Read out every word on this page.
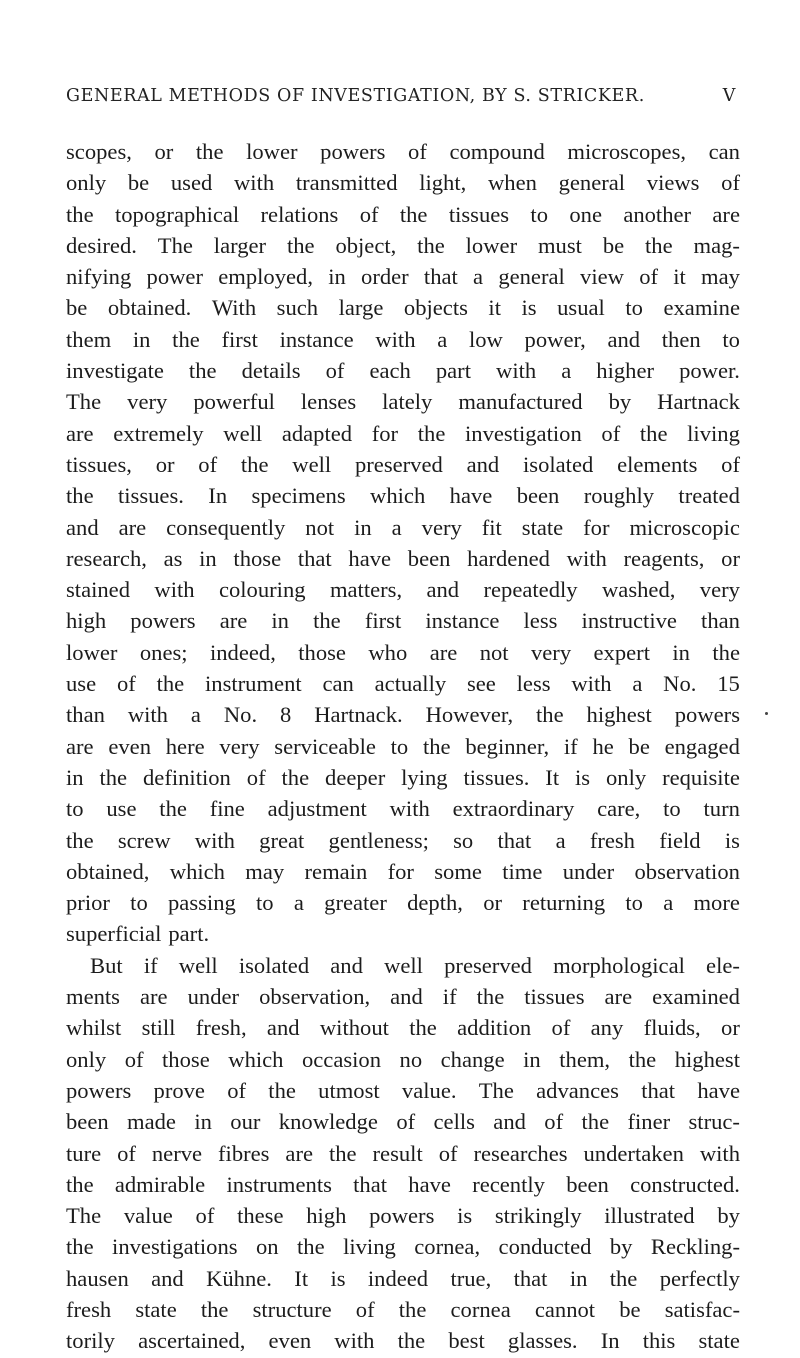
GENERAL METHODS OF INVESTIGATION, BY S. STRICKER.	V
scopes, or the lower powers of compound microscopes, can
only be used with transmitted light, when general views of
the topographical relations of the tissues to one another are
desired. The larger the object, the lower must be the mag-
nifying power employed, in order that a general view of it may
be obtained. With such large objects it is usual to examine
them in the first instance with a low power, and then to
investigate the details of each part with a higher power.
The very powerful lenses lately manufactured by Hartnack
are extremely well adapted for the investigation of the living
tissues, or of the well preserved and isolated elements of
the tissues. In specimens which have been roughly treated
and are consequently not in a very fit state for microscopic
research, as in those that have been hardened with reagents, or
stained with colouring matters, and repeatedly washed, very
high powers are in the first instance less instructive than
lower ones; indeed, those who are not very expert in the
use of the instrument can actually see less with a No. 15
than with a No. 8 Hartnack. However, the highest powers
are even here very serviceable to the beginner, if he be engaged
in the definition of the deeper lying tissues. It is only requisite
to use the fine adjustment with extraordinary care, to turn
the screw with great gentleness; so that a fresh field is
obtained, which may remain for some time under observation
prior to passing to a greater depth, or returning to a more
superficial part.
But if well isolated and well preserved morphological ele-
ments are under observation, and if the tissues are examined
whilst still fresh, and without the addition of any fluids, or
only of those which occasion no change in them, the highest
powers prove of the utmost value. The advances that have
been made in our knowledge of cells and of the finer struc-
ture of nerve fibres are the result of researches undertaken with
the admirable instruments that have recently been constructed.
The value of these high powers is strikingly illustrated by
the investigations on the living cornea, conducted by Reckling-
hausen and Kühne. It is indeed true, that in the perfectly
fresh state the structure of the cornea cannot be satisfac-
torily ascertained, even with the best glasses. In this state
